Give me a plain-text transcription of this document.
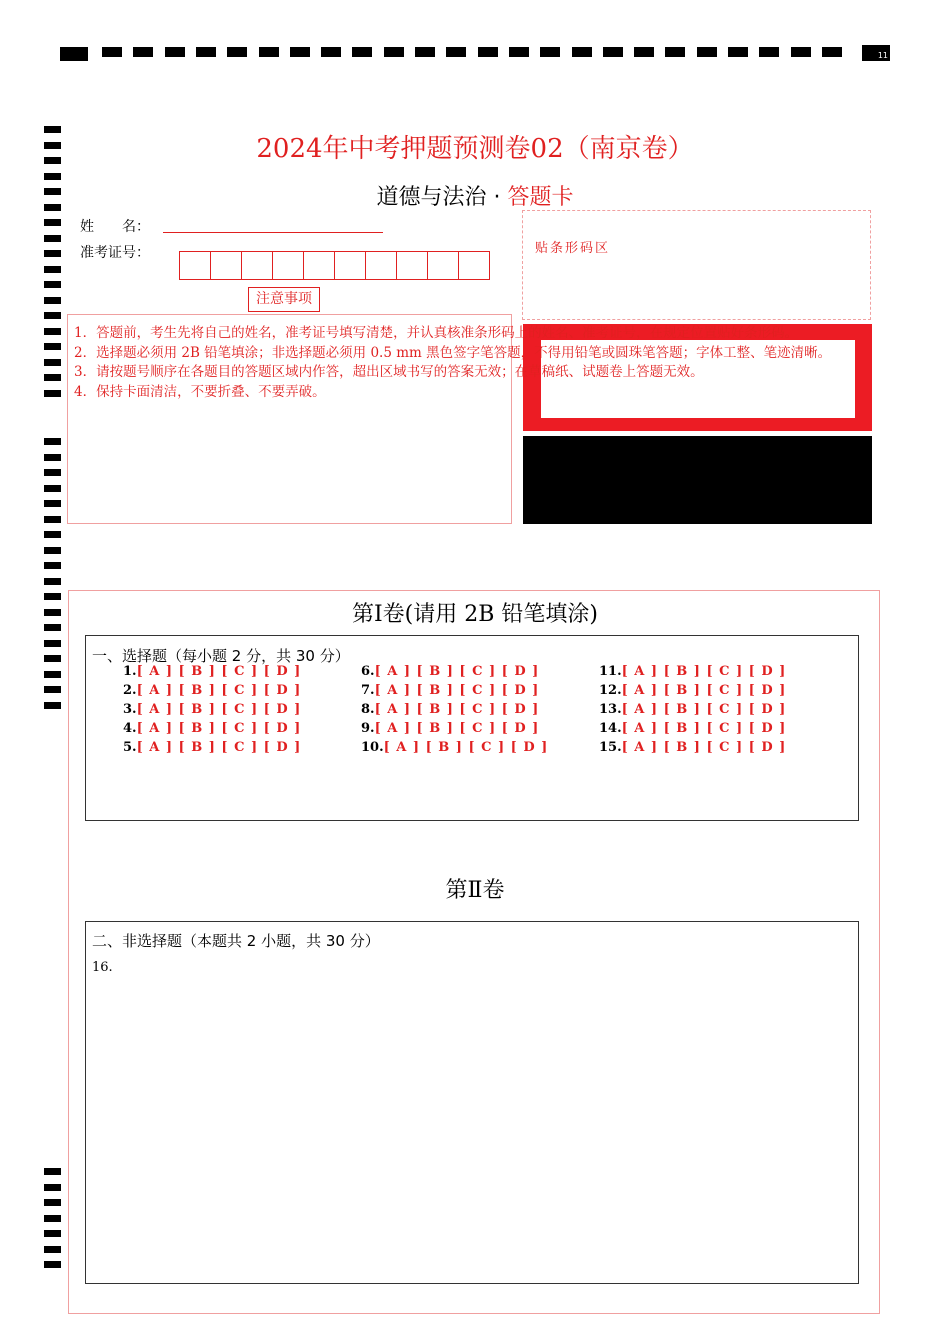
11
2024年中考押题预测卷02（南京卷）
道德与法治 · 答题卡
姓　　名：
准考证号：	贴条形码区
注意事项
1．答题前，考生先将自己的姓名，准考证号填写清楚，并认真核准条形码上的姓名、准考证号，在规定位置贴好条形码。
2．选择题必须用 2B 铅笔填涂；非选择题必须用 0.5 mm 黑色签字笔答题，不得用铅笔或圆珠笔答题；字体工整、笔迹清晰。
3．请按题号顺序在各题目的答题区域内作答，超出区域书写的答案无效；在草稿纸、试题卷上答题无效。
4．保持卡面清洁，不要折叠、不要弄破。
第Ⅰ卷(请用 2B 铅笔填涂)
一、选择题（每小题 2 分，共 30 分）
1.[ A ] [ B ] [ C ] [ D ]
2.[ A ] [ B ] [ C ] [ D ]
3.[ A ] [ B ] [ C ] [ D ]
4.[ A ] [ B ] [ C ] [ D ]
5.[ A ] [ B ] [ C ] [ D ]
6.[ A ] [ B ] [ C ] [ D ]
7.[ A ] [ B ] [ C ] [ D ]
8.[ A ] [ B ] [ C ] [ D ]
9.[ A ] [ B ] [ C ] [ D ]
10.[ A ] [ B ] [ C ] [ D ]
11.[ A ] [ B ] [ C ] [ D ]
12.[ A ] [ B ] [ C ] [ D ]
13.[ A ] [ B ] [ C ] [ D ]
14.[ A ] [ B ] [ C ] [ D ]
15.[ A ] [ B ] [ C ] [ D ]
第Ⅱ卷
二、非选择题（本题共 2 小题，共 30 分）
16.
